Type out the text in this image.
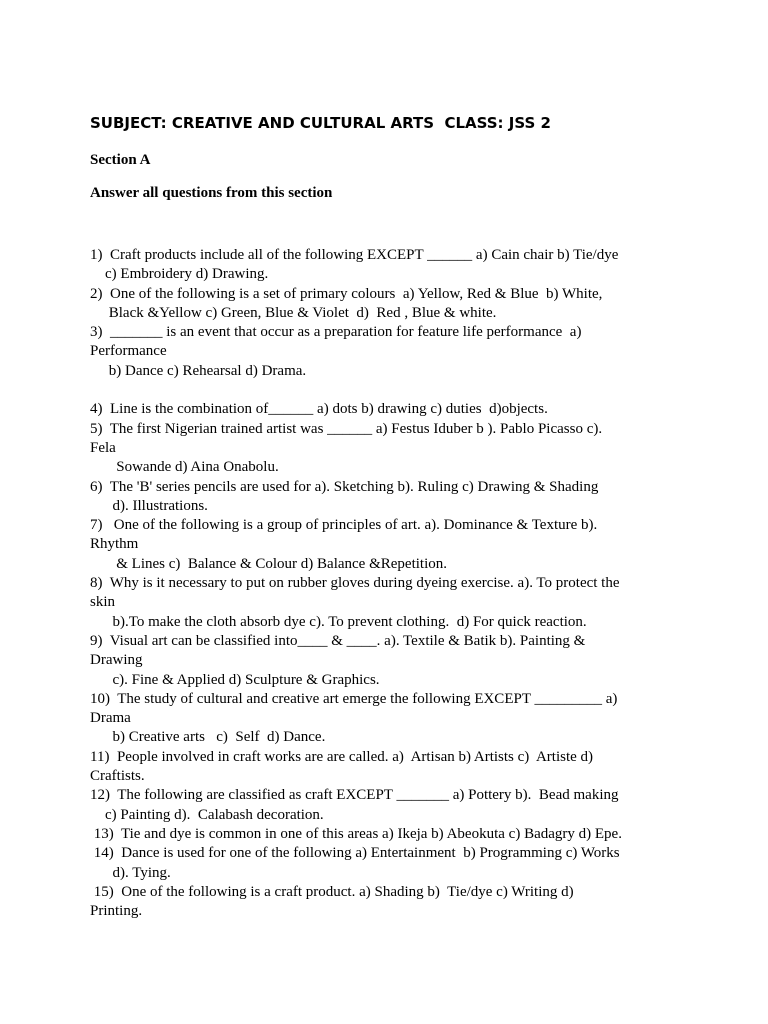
SUBJECT: CREATIVE AND CULTURAL ARTS  CLASS: JSS 2
Section A
Answer all questions from this section
1)  Craft products include all of the following EXCEPT ______ a) Cain chair b) Tie/dye
c) Embroidery d) Drawing.
2)  One of the following is a set of primary colours  a) Yellow, Red & Blue  b) White,
Black &Yellow c) Green, Blue & Violet  d)  Red , Blue & white.
3)  _______ is an event that occur as a preparation for feature life performance  a)
Performance
b) Dance c) Rehearsal d) Drama.
4)  Line is the combination of______ a) dots b) drawing c) duties  d)objects.
5)  The first Nigerian trained artist was ______ a) Festus Iduber b ). Pablo Picasso c).
Fela
Sowande d) Aina Onabolu.
6)  The 'B' series pencils are used for a). Sketching b). Ruling c) Drawing & Shading
d). Illustrations.
7)   One of the following is a group of principles of art. a). Dominance & Texture b).
Rhythm
& Lines c)  Balance & Colour d) Balance &Repetition.
8)  Why is it necessary to put on rubber gloves during dyeing exercise. a). To protect the
skin
b).To make the cloth absorb dye c). To prevent clothing.  d) For quick reaction.
9)  Visual art can be classified into____ & ____. a). Textile & Batik b). Painting &
Drawing
c). Fine & Applied d) Sculpture & Graphics.
10)  The study of cultural and creative art emerge the following EXCEPT _________ a)
Drama
b) Creative arts   c)  Self  d) Dance.
11)  People involved in craft works are are called. a)  Artisan b) Artists c)  Artiste d)
Craftists.
12)  The following are classified as craft EXCEPT _______ a) Pottery b).  Bead making
c) Painting d).  Calabash decoration.
13)  Tie and dye is common in one of this areas a) Ikeja b) Abeokuta c) Badagry d) Epe.
14)  Dance is used for one of the following a) Entertainment  b) Programming c) Works
d). Tying.
15)  One of the following is a craft product. a) Shading b)  Tie/dye c) Writing d)
Printing.
